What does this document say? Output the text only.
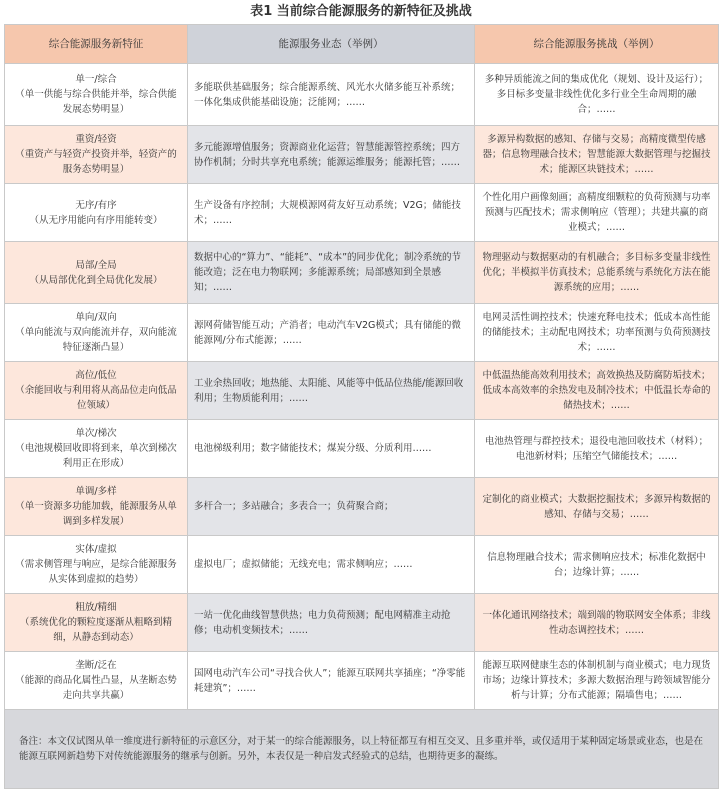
表1 当前综合能源服务的新特征及挑战
综合能源服务新特征	能源服务业态（举例）	综合能源服务挑战（举例）

单一/综合
（单一供能与综合供能并举，综合供能发展态势明显）	多能联供基础服务；综合能源系统、风光水火储多能互补系统；一体化集成供能基础设施；泛能网；……	多种异质能流之间的集成优化（规划、设计及运行）；多目标多变量非线性优化多行业全生命周期的融合；……

重资/轻资
（重资产与轻资产投资并举，轻资产的服务态势明显）	多元能源增值服务；资源商业化运营；智慧能源管控系统；四方协作机制；分时共享充电系统；能源运维服务；能源托管；……	多源异构数据的感知、存储与交易；高精度微型传感器；信息物理融合技术；智慧能源大数据管理与挖掘技术；能源区块链技术；……

无序/有序
（从无序用能向有序用能转变）	生产设备有序控制；大规模源网荷友好互动系统；V2G；储能技术；……	个性化用户画像刻画；高精度细颗粒的负荷预测与功率预测与匹配技术；需求侧响应（管理）；共建共赢的商业模式；……

局部/全局
（从局部优化到全局优化发展）	数据中心的“算力”、“能耗”、“成本”的同步优化；制冷系统的节能改造；泛在电力物联网；多能源系统；局部感知到全景感知；……	物理驱动与数据驱动的有机融合；多目标多变量非线性优化；半模拟半仿真技术；总能系统与系统化方法在能源系统的应用；……

单向/双向
（单向能流与双向能流并存，双向能流特征逐渐凸显）	源网荷储智能互动；产消者；电动汽车V2G模式；具有储能的微能源网/分布式能源；……	电网灵活性调控技术；快速充释电技术；低成本高性能的储能技术；主动配电网技术；功率预测与负荷预测技术；……

高位/低位
（余能回收与利用将从高品位走向低品位领域）	工业余热回收；地热能、太阳能、风能等中低品位热能/能源回收利用；生物质能利用；……	中低温热能高效利用技术；高效换热及防腐防垢技术；低成本高效率的余热发电及制冷技术；中低温长寿命的储热技术；……

单次/梯次
（电池规模回收即将到来，单次到梯次利用正在形成）	电池梯级利用；数字储能技术；煤炭分级、分质利用……	电池热管理与群控技术；退役电池回收技术（材料）；电池新材料；压缩空气储能技术；……

单调/多样
（单一资源多功能加载，能源服务从单调到多样发展）	多杆合一；多站融合；多表合一；负荷聚合商；	定制化的商业模式；大数据挖掘技术；多源异构数据的感知、存储与交易；……

实体/虚拟
（需求侧管理与响应，是综合能源服务从实体到虚拟的趋势）	虚拟电厂；虚拟储能；无线充电；需求侧响应；……	信息物理融合技术；需求侧响应技术；标准化数据中台；边缘计算；……

粗放/精细
（系统优化的颗粒度逐渐从粗略到精细，从静态到动态）	一站一优化曲线智慧供热；电力负荷预测；配电网精准主动抢修；电动机变频技术；……	一体化通讯网络技术；端到端的物联网安全体系；非线性动态调控技术；……

垄断/泛在
（能源的商品化属性凸显，从垄断态势走向共享共赢）	国网电动汽车公司“寻找合伙人”；能源互联网共享插座；“净零能耗建筑”；……	能源互联网健康生态的体制机制与商业模式；电力现货市场；边缘计算技术；多源大数据治理与跨领域智能分析与计算；分布式能源；隔墙售电；……
备注：本文仅试图从单一维度进行新特征的示意区分，对于某一的综合能源服务，以上特征都互有相互交叉、且多重并举，或仅适用于某种固定场景或业态，也是在能源互联网新趋势下对传统能源服务的继承与创新。另外，本表仅是一种启发式经验式的总结，也期待更多的凝练。		
